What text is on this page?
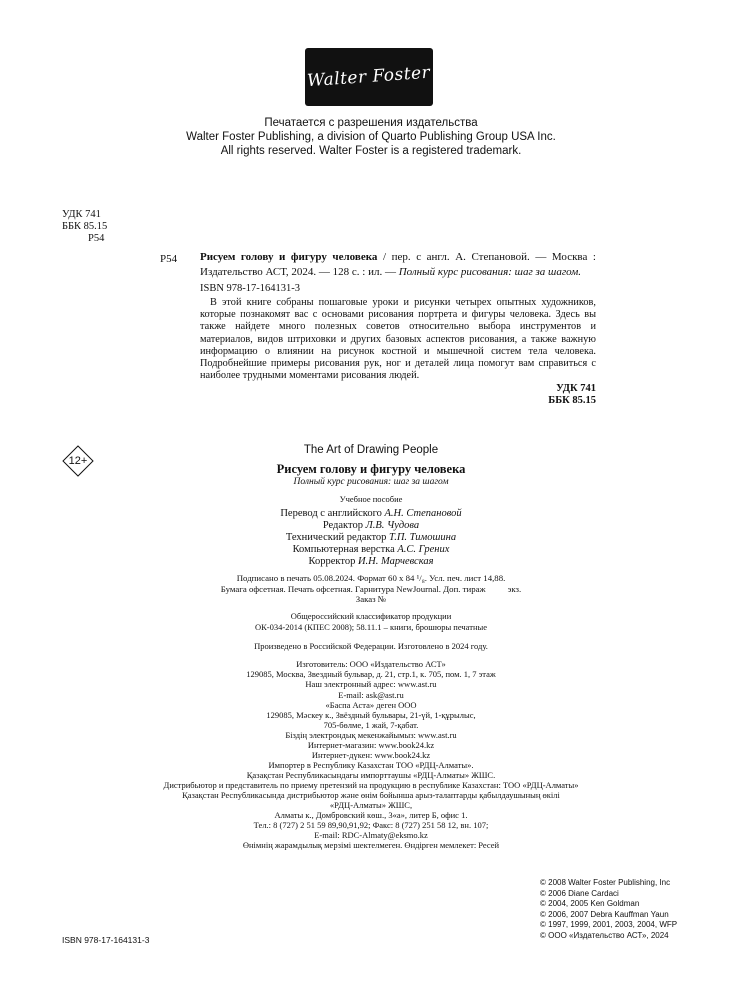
Walter Foster
Печатается с разрешения издательства
Walter Foster Publishing, a division of Quarto Publishing Group USA Inc.
All rights reserved. Walter Foster is a registered trademark.
УДК 741
ББК 85.15
P54
P54 Рисуем голову и фигуру человека / пер. с англ. А. Степановой. — Москва : Издательство АСТ, 2024. — 128 с. : ил. — Полный курс рисования: шаг за шагом.
ISBN 978-17-164131-3
В этой книге собраны пошаговые уроки и рисунки четырех опытных художников, которые познакомят вас с основами рисования портрета и фигуры человека. Здесь вы также найдете много полезных советов относительно выбора инструментов и материалов, видов штриховки и других базовых аспектов рисования, а также важную информацию о влиянии на рисунок костной и мышечной систем тела человека. Подробнейшие примеры рисования рук, ног и деталей лица помогут вам справиться с наиболее трудными моментами рисования людей.
УДК 741
ББК 85.15
12+
The Art of Drawing People
Рисуем голову и фигуру человека
Полный курс рисования: шаг за шагом
Учебное пособие
Перевод с английского А.Н. Степановой
Редактор Л.В. Чудова
Технический редактор Т.П. Тимошина
Компьютерная верстка А.С. Грених
Корректор И.Н. Марчевская
Подписано в печать 05.08.2024. Формат 60 х 84 ¹/₈. Усл. печ. лист 14,88.
Бумага офсетная. Печать офсетная. Гарнитура NewJournal. Доп. тираж          экз.
Заказ №
Общероссийский классификатор продукции
ОК-034-2014 (КПЕС 2008); 58.11.1 – книги, брошюры печатные
Произведено в Российской Федерации. Изготовлено в 2024 году.
Изготовитель: ООО «Издательство АСТ»
129085, Москва, Звездный бульвар, д. 21, стр.1, к. 705, пом. 1, 7 этаж
Наш электронный адрес: www.ast.ru
E-mail: ask@ast.ru
«Баспа Аста» деген ООО
129085, Мәскеу к., Звёздный бульвары, 21-үй, 1-құрылыс,
705-бөлме, 1 жай, 7-қабат.
Біздің электрондық мекенжайымыз: www.ast.ru
Интернет-магазин: www.book24.kz
Интернет-дүкен: www.book24.kz
Импортер в Республику Казахстан ТОО «РДЦ-Алматы».
Қазақстан Республикасындағы импорттаушы «РДЦ-Алматы» ЖШС.
Дистрибьютор и представитель по приему претензий на продукцию в республике Казахстан: ТОО «РДЦ-Алматы»
Қазақстан Республикасында дистрибьютор және өнім бойынша арыз-талаптарды қабылдаушының өкілі
«РДЦ-Алматы» ЖШС,
Алматы к., Домбровский көш., 3«а», литер Б, офис 1.
Тел.: 8 (727) 2 51 59 89,90,91,92; Факс: 8 (727) 251 58 12, вн. 107;
E-mail: RDC-Almaty@eksmo.kz
Өнімнің жарамдылық мерзімі шектелмеген. Өндірген мемлекет: Ресей
© 2008 Walter Foster Publishing, Inc
© 2006 Diane Cardaci
© 2004, 2005 Ken Goldman
© 2006, 2007 Debra Kauffman Yaun
© 1997, 1999, 2001, 2003, 2004, WFP
© ООО «Издательство АСТ», 2024
ISBN 978-17-164131-3
